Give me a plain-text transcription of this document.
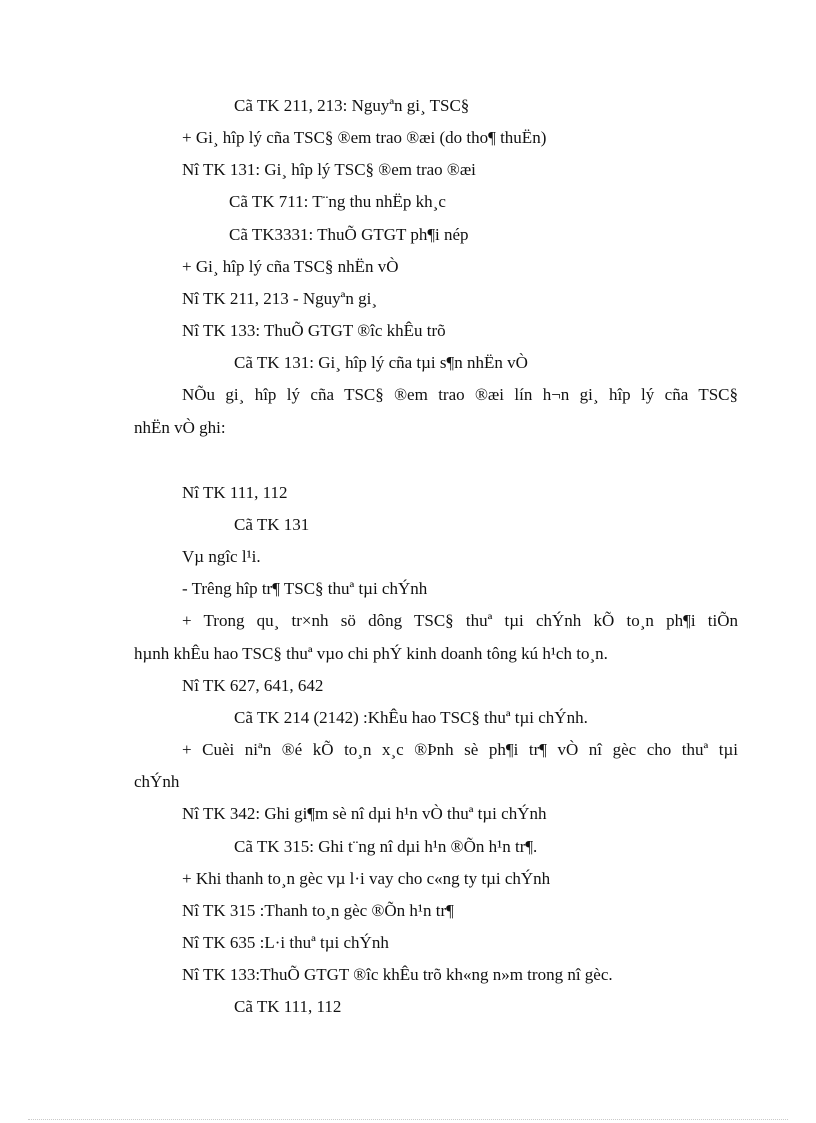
Cã TK 211, 213: Nguyªn gi¸ TSC§
+ Gi¸ hîp lý cña TSC§ ®em trao ®æi (do tho¶ thuËn)
Nî TK 131: Gi¸ hîp lý TSC§ ®em trao ®æi
Cã TK 711: T¨ng thu nhËp kh¸c
Cã TK3331: ThuÕ GTGT ph¶i nép
+ Gi¸ hîp lý cña TSC§ nhËn vÒ
Nî TK 211, 213 - Nguyªn gi¸
Nî TK 133: ThuÕ GTGT ®îc khÊu trõ
Cã TK 131: Gi¸ hîp lý cña tµi s¶n nhËn vÒ
NÕu gi¸ hîp lý cña TSC§ ®em trao ®æi lín h¬n gi¸ hîp lý cña TSC§
nhËn vÒ ghi:
Nî TK 111, 112
Cã TK 131
Vµ ngîc l¹i.
- Trêng hîp tr¶ TSC§ thuª tµi chÝnh
+ Trong qu¸ tr×nh sö dông TSC§ thuª tµi chÝnh kÕ to¸n ph¶i tiÕn
hµnh khÊu hao TSC§ thuª vµo chi phÝ kinh doanh tông kú h¹ch to¸n.
Nî TK 627, 641, 642
Cã TK 214 (2142) :KhÊu hao TSC§ thuª tµi chÝnh.
+ Cuèi niªn ®é kÕ to¸n x¸c ®Þnh sè ph¶i tr¶ vÒ nî gèc cho thuª tµi
chÝnh
Nî TK 342: Ghi gi¶m sè nî dµi h¹n vÒ thuª tµi chÝnh
Cã TK 315: Ghi t¨ng nî dµi h¹n ®Õn h¹n tr¶.
+ Khi thanh to¸n gèc vµ l·i vay cho c«ng ty tµi chÝnh
Nî TK 315 :Thanh to¸n gèc ®Õn h¹n tr¶
Nî TK 635 :L·i thuª tµi chÝnh
Nî TK 133:ThuÕ GTGT ®îc khÊu trõ kh«ng n»m trong nî gèc.
Cã TK 111, 112
